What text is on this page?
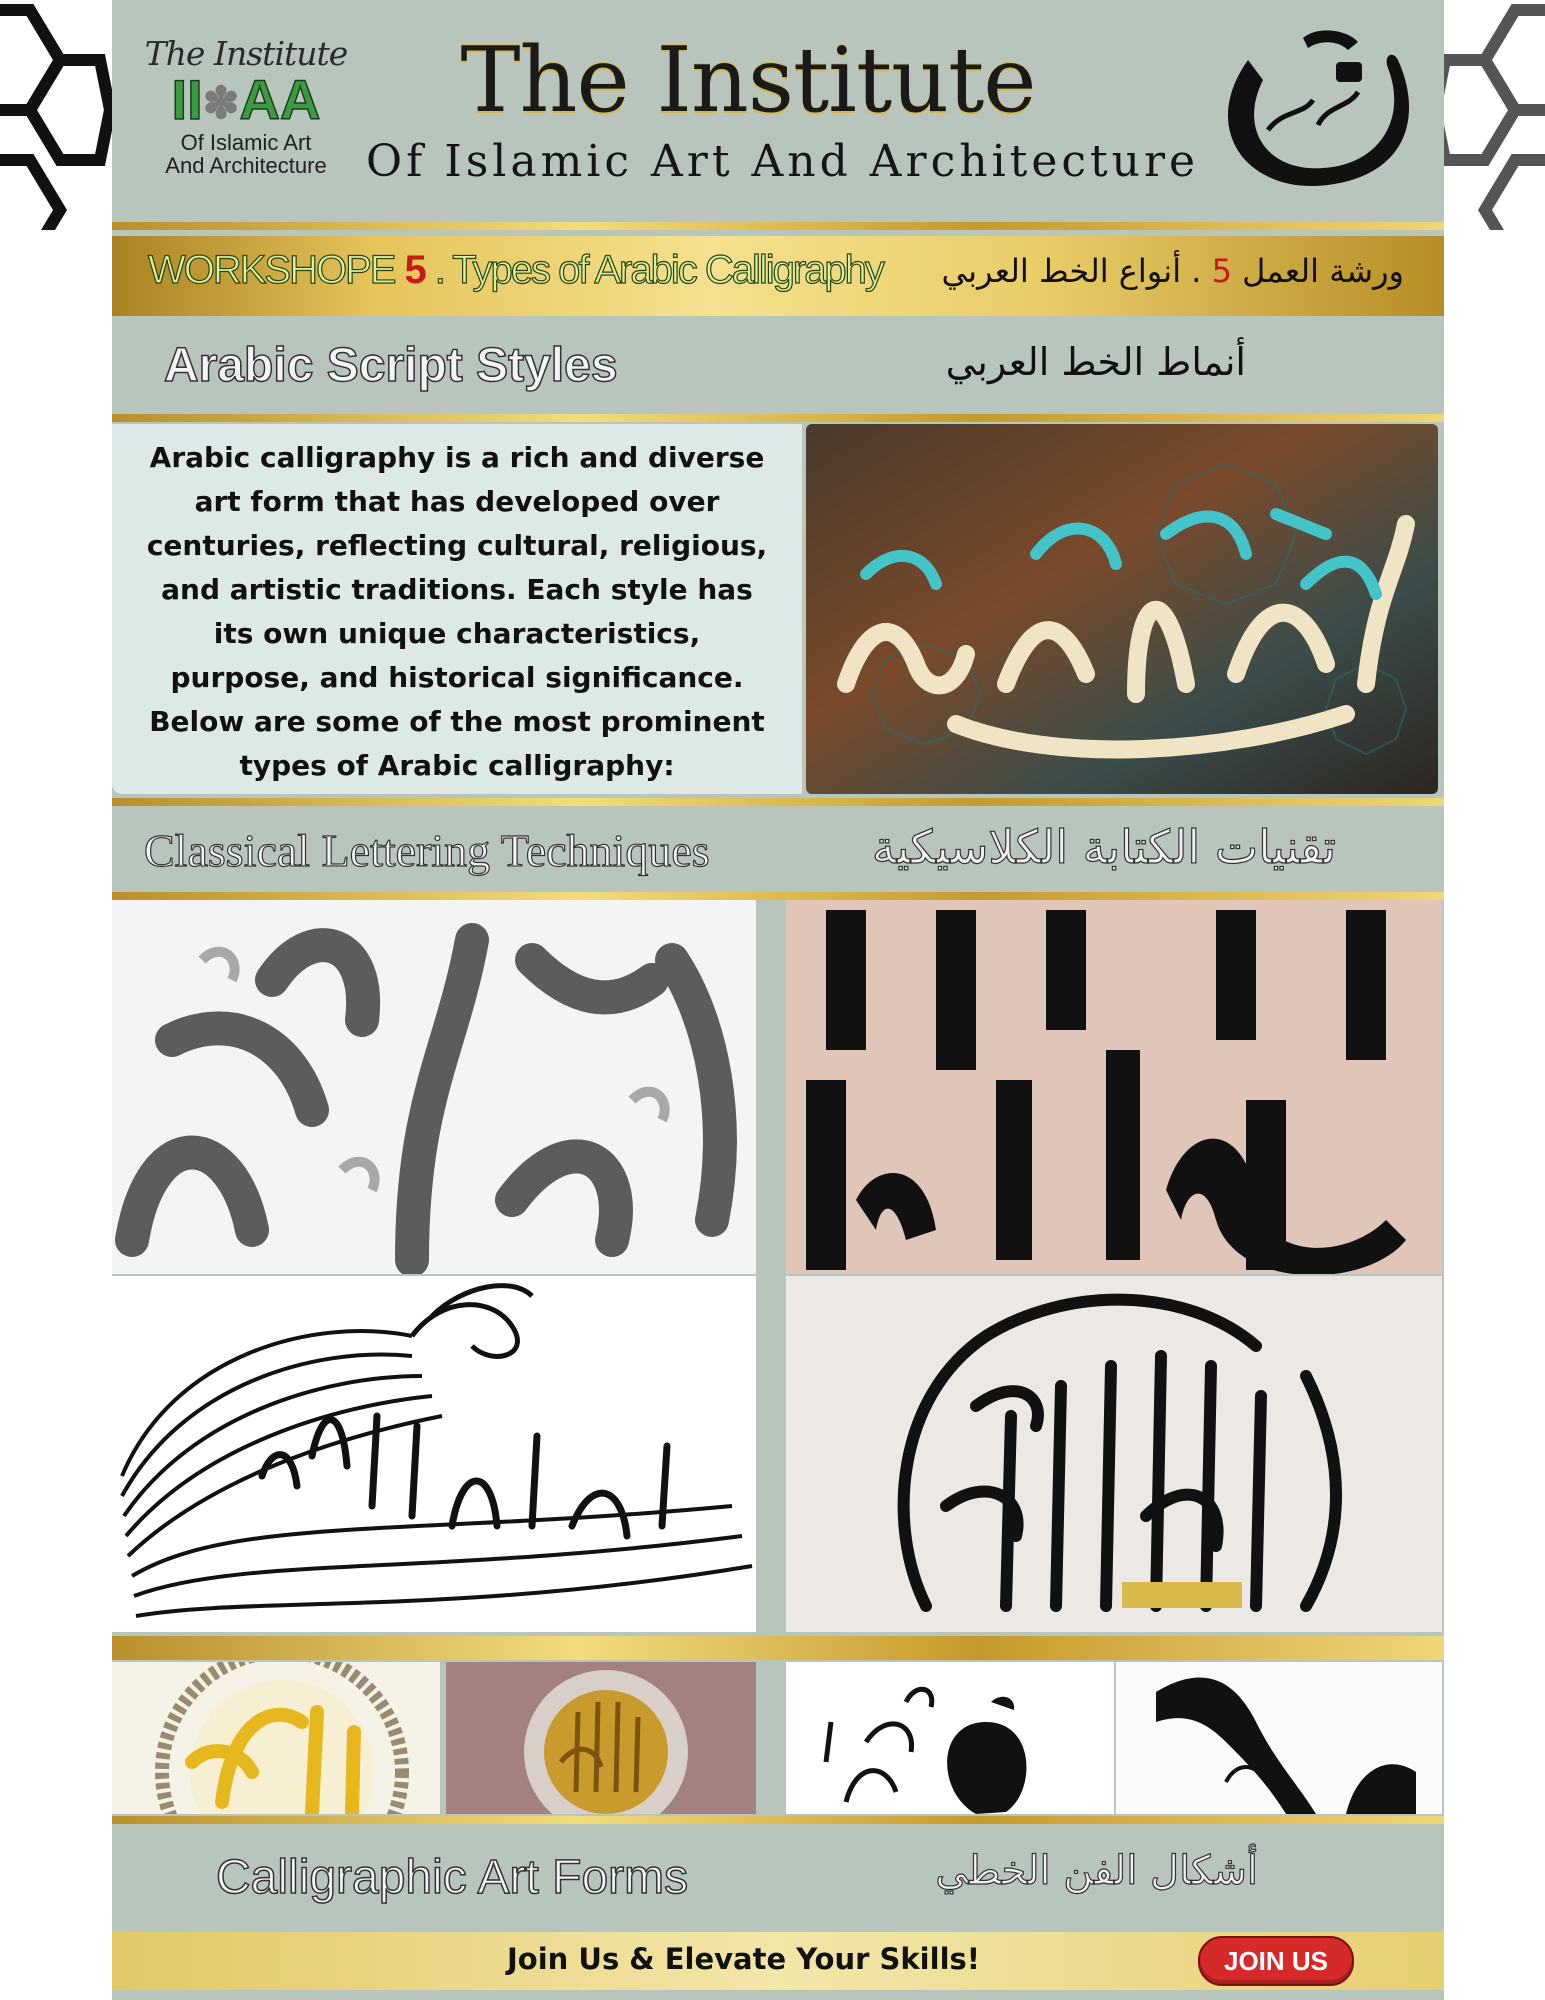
The Institute
II✽AA
Of Islamic Art
And Architecture
The Institute
Of Islamic Art And Architecture
WORKSHOPE 5 . Types of Arabic Calligraphy	ورشة العمل 5 . أنواع الخط العربي
Arabic Script Styles	أنماط الخط العربي
Arabic calligraphy is a rich and diverse art form that has developed over centuries, reflecting cultural, religious, and artistic traditions. Each style has its own unique characteristics, purpose, and historical significance. Below are some of the most prominent types of Arabic calligraphy:
Classical Lettering Techniques	تقنيات الكتابة الكلاسيكية
Calligraphic Art Forms	أشكال الفن الخطي
Join Us & Elevate Your Skills!	JOIN US
